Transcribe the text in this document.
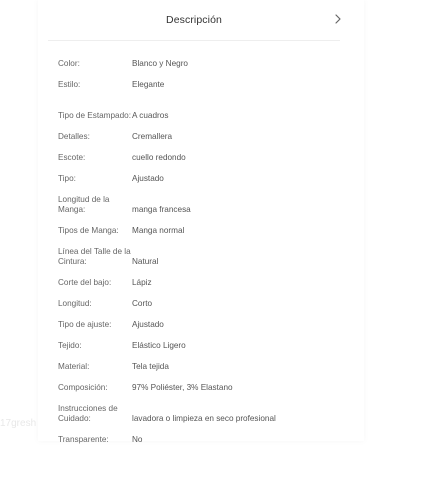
Descripción
17gresh
Color:	Blanco y Negro
Estilo:	Elegante
Tipo de Estampado: A cuadros
Detalles:	Cremallera
Escote:	cuello redondo
Tipo:	Ajustado
Longitud de la Manga:	manga francesa
Tipos de Manga:	Manga normal
Línea del Talle de la Cintura:	Natural
Corte del bajo:	Lápiz
Longitud:	Corto
Tipo de ajuste:	Ajustado
Tejido:	Elástico Ligero
Material:	Tela tejida
Composición:	97% Poliéster, 3% Elastano
Instrucciones de Cuidado:	lavadora o limpieza en seco profesional
Transparente:	No
